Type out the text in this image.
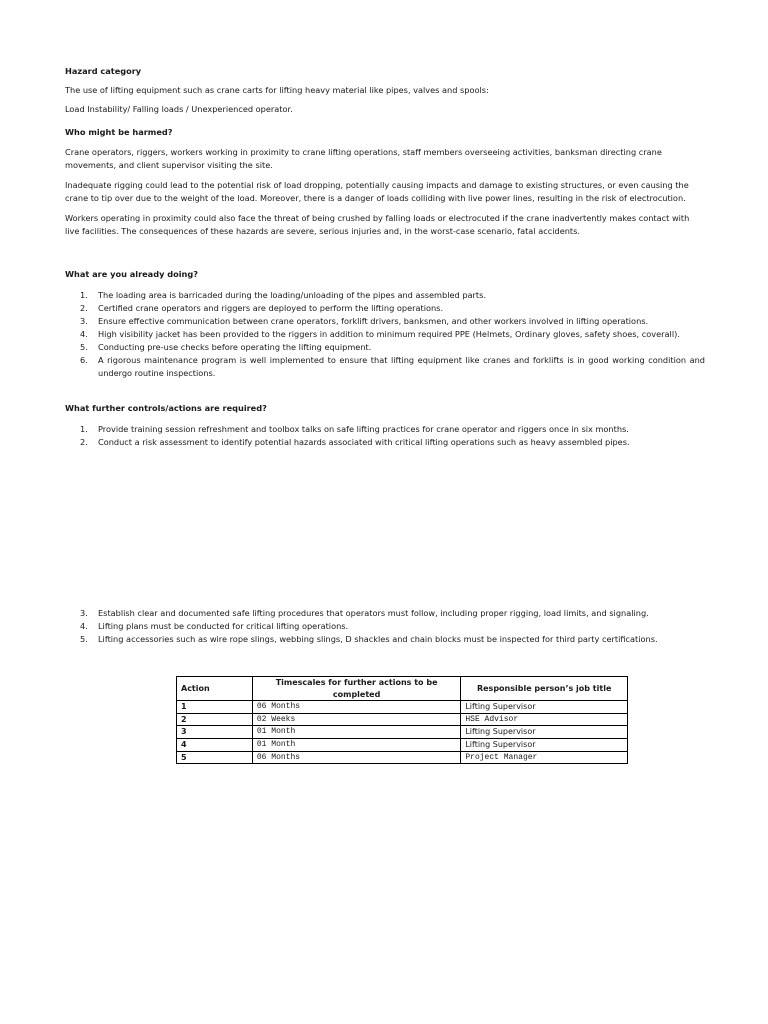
Hazard category

The use of lifting equipment such as crane carts for lifting heavy material like pipes, valves and spools:

Load Instability/ Falling loads / Unexperienced operator.

Who might be harmed?

Crane operators, riggers, workers working in proximity to crane lifting operations, staff members overseeing activities, banksman directing crane movements, and client supervisor visiting the site.

Inadequate rigging could lead to the potential risk of load dropping, potentially causing impacts and damage to existing structures, or even causing the crane to tip over due to the weight of the load. Moreover, there is a danger of loads colliding with live power lines, resulting in the risk of electrocution.

Workers operating in proximity could also face the threat of being crushed by falling loads or electrocuted if the crane inadvertently makes contact with live facilities. The consequences of these hazards are severe, serious injuries and, in the worst-case scenario, fatal accidents.

What are you already doing?

1. The loading area is barricaded during the loading/unloading of the pipes and assembled parts.
2. Certified crane operators and riggers are deployed to perform the lifting operations.
3. Ensure effective communication between crane operators, forklift drivers, banksmen, and other workers involved in lifting operations.
4. High visibility jacket has been provided to the riggers in addition to minimum required PPE (Helmets, Ordinary gloves, safety shoes, coverall).
5. Conducting pre-use checks before operating the lifting equipment.
6. A rigorous maintenance program is well implemented to ensure that lifting equipment like cranes and forklifts is in good working condition and undergo routine inspections.

What further controls/actions are required?

1. Provide training session refreshment and toolbox talks on safe lifting practices for crane operator and riggers once in six months.
2. Conduct a risk assessment to identify potential hazards associated with critical lifting operations such as heavy assembled pipes.
3. Establish clear and documented safe lifting procedures that operators must follow, including proper rigging, load limits, and signaling.
4. Lifting plans must be conducted for critical lifting operations.
5. Lifting accessories such as wire rope slings, webbing slings, D shackles and chain blocks must be inspected for third party certifications.
Action	Timescales for further actions to be completed	Responsible person’s job title
1	06 Months	Lifting Supervisor
2	02 Weeks	HSE Advisor
3	01 Month	Lifting Supervisor
4	01 Month	Lifting Supervisor
5	06 Months	Project Manager
